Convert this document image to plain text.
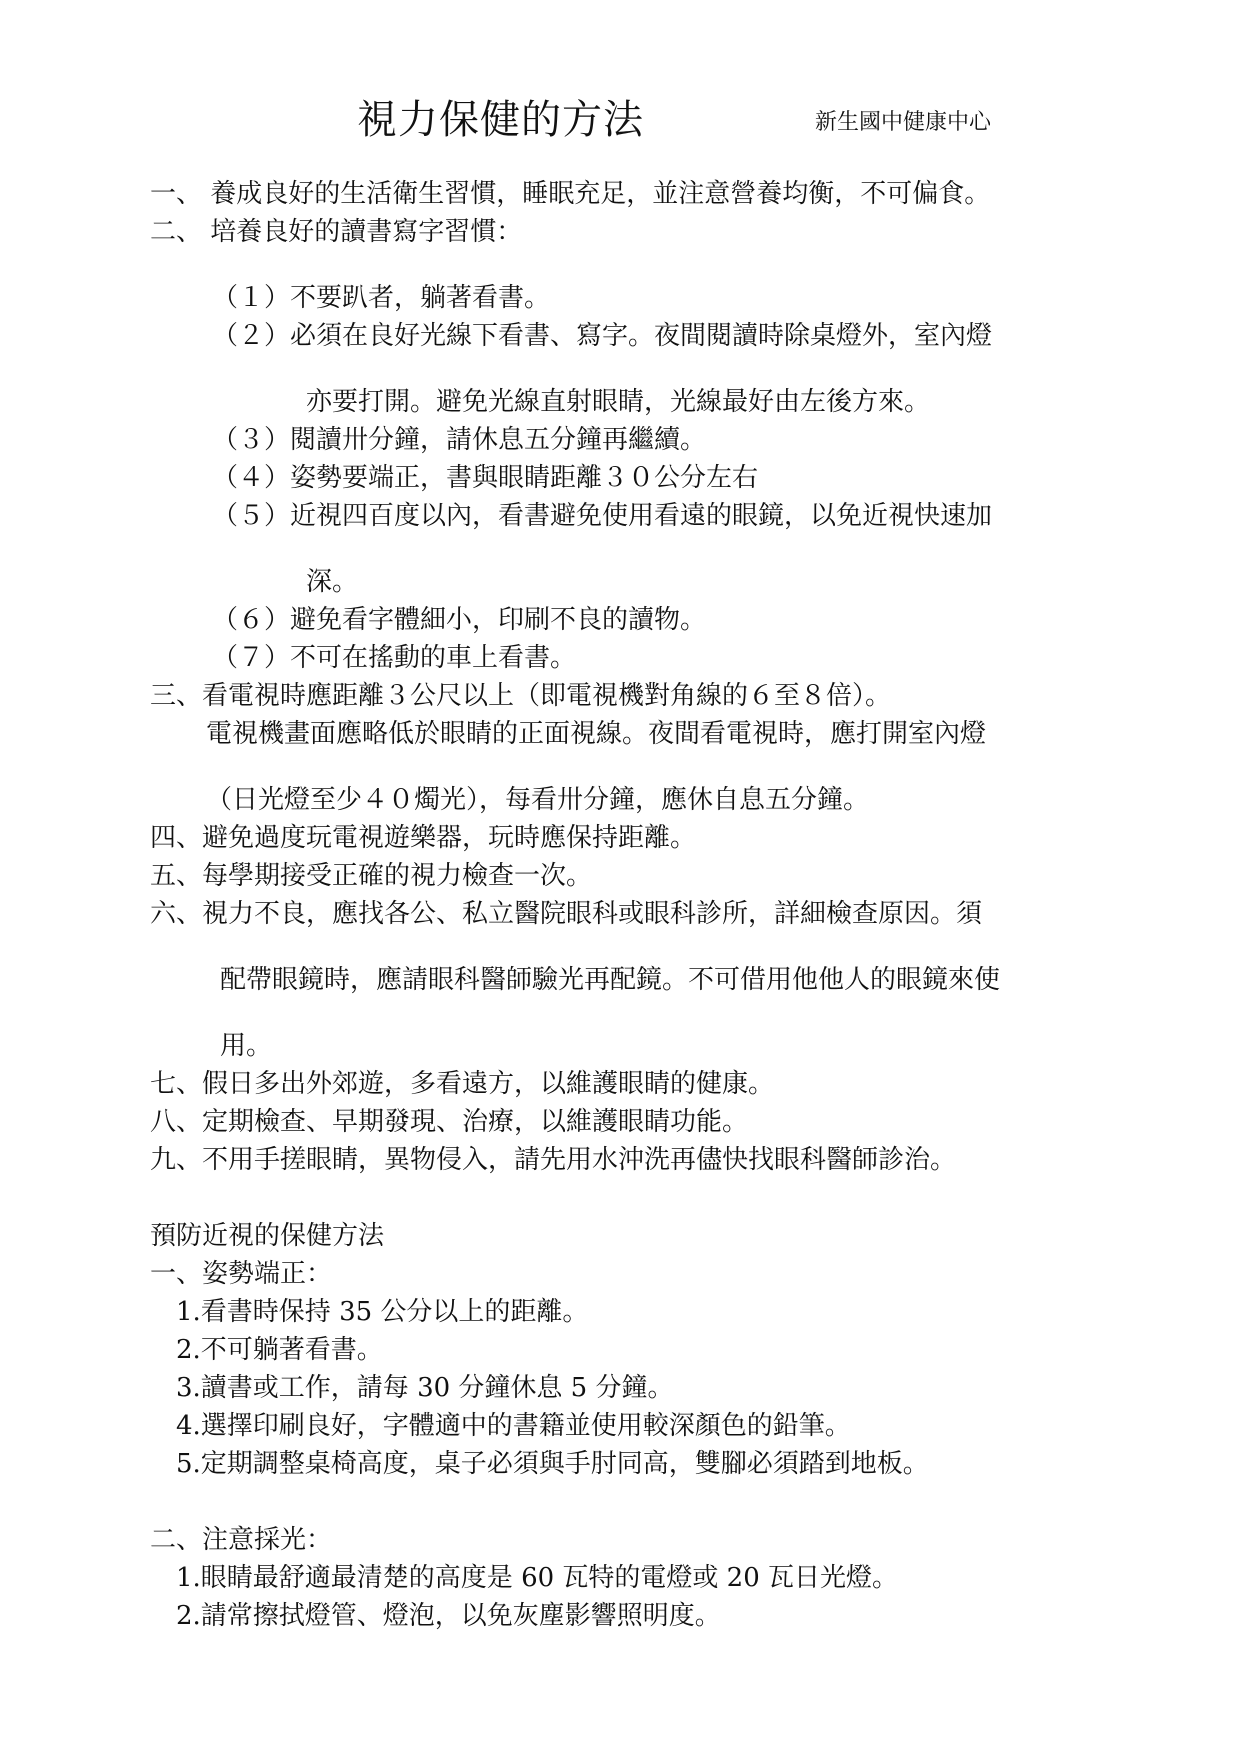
視力保健的方法	新生國中健康中心
一、 養成良好的生活衛生習慣，睡眠充足，並注意營養均衡，不可偏食。
二、 培養良好的讀書寫字習慣：
（１）不要趴者，躺著看書。
（２）必須在良好光線下看書、寫字。夜間閱讀時除桌燈外，室內燈
亦要打開。避免光線直射眼睛，光線最好由左後方來。
（３）閱讀卅分鐘，請休息五分鐘再繼續。
（４）姿勢要端正，書與眼睛距離３０公分左右
（５）近視四百度以內，看書避免使用看遠的眼鏡，以免近視快速加
深。
（６）避免看字體細小，印刷不良的讀物。
（７）不可在搖動的車上看書。
三、看電視時應距離３公尺以上（即電視機對角線的６至８倍）。
電視機畫面應略低於眼睛的正面視線。夜間看電視時，應打開室內燈
（日光燈至少４０燭光），每看卅分鐘，應休自息五分鐘。
四、避免過度玩電視遊樂器，玩時應保持距離。
五、每學期接受正確的視力檢查一次。
六、視力不良，應找各公、私立醫院眼科或眼科診所，詳細檢查原因。須
配帶眼鏡時，應請眼科醫師驗光再配鏡。不可借用他他人的眼鏡來使
用。
七、假日多出外郊遊，多看遠方，以維護眼睛的健康。
八、定期檢查、早期發現、治療，以維護眼睛功能。
九、不用手搓眼睛，異物侵入，請先用水沖洗再儘快找眼科醫師診治。
預防近視的保健方法
一、姿勢端正：
1.看書時保持 35 公分以上的距離。
2.不可躺著看書。
3.讀書或工作，請每 30 分鐘休息 5 分鐘。
4.選擇印刷良好，字體適中的書籍並使用較深顏色的鉛筆。
5.定期調整桌椅高度，桌子必須與手肘同高，雙腳必須踏到地板。
二、注意採光：
1.眼睛最舒適最清楚的高度是 60 瓦特的電燈或 20 瓦日光燈。
2.請常擦拭燈管、燈泡，以免灰塵影響照明度。
